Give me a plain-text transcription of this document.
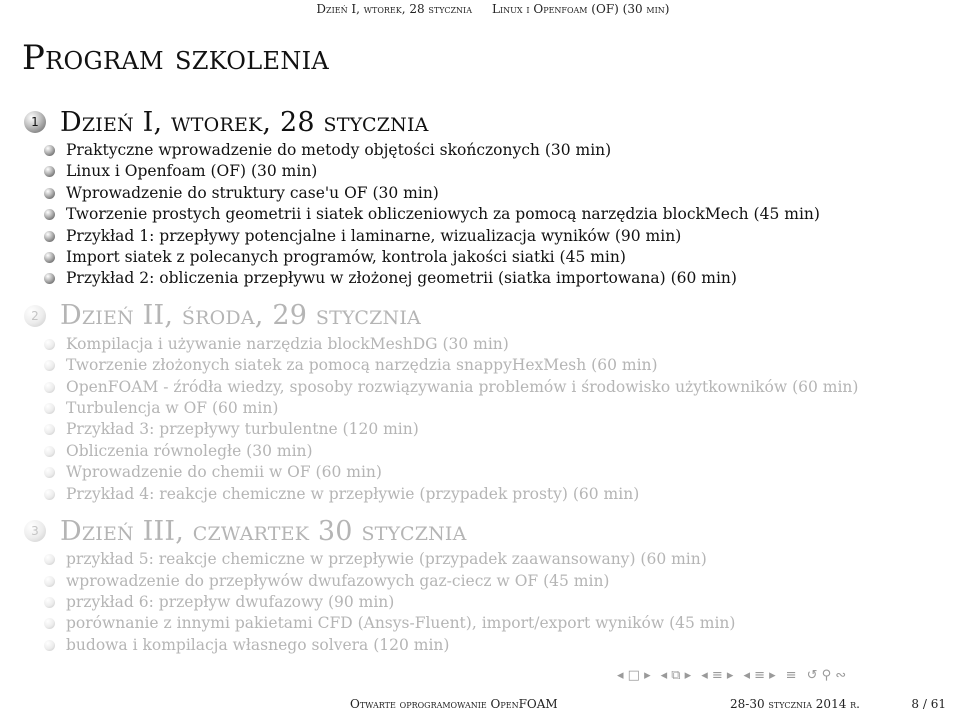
Dzień I, wtorek, 28 stycznia Linux i Openfoam (OF) (30 min)
Program szkolenia
1 Dzień I, wtorek, 28 stycznia
Praktyczne wprowadzenie do metody objętości skończonych (30 min)
Linux i Openfoam (OF) (30 min)
Wprowadzenie do struktury case'u OF (30 min)
Tworzenie prostych geometrii i siatek obliczeniowych za pomocą narzędzia blockMech (45 min)
Przykład 1: przepływy potencjalne i laminarne, wizualizacja wyników (90 min)
Import siatek z polecanych programów, kontrola jakości siatki (45 min)
Przykład 2: obliczenia przepływu w złożonej geometrii (siatka importowana) (60 min)
2 Dzień II, środa, 29 stycznia
Kompilacja i używanie narzędzia blockMeshDG (30 min)
Tworzenie złożonych siatek za pomocą narzędzia snappyHexMesh (60 min)
OpenFOAM - źródła wiedzy, sposoby rozwiązywania problemów i środowisko użytkowników (60 min)
Turbulencja w OF (60 min)
Przykład 3: przepływy turbulentne (120 min)
Obliczenia równoległe (30 min)
Wprowadzenie do chemii w OF (60 min)
Przykład 4: reakcje chemiczne w przepływie (przypadek prosty) (60 min)
3 Dzień III, czwartek 30 stycznia
przykład 5: reakcje chemiczne w przepływie (przypadek zaawansowany) (60 min)
wprowadzenie do przepływów dwufazowych gaz-ciecz w OF (45 min)
przykład 6: przepływ dwufazowy (90 min)
porównanie z innymi pakietami CFD (Ansys-Fluent), import/export wyników (45 min)
budowa i kompilacja własnego solvera (120 min)
◂ □ ▸ ◂ ⧉ ▸ ◂ ≡ ▸ ◂ ≡ ▸ ≡ ↺ ⚲ ∾
Otwarte oprogramowanie OpenFOAM	28-30 stycznia 2014 r.	8 / 61
